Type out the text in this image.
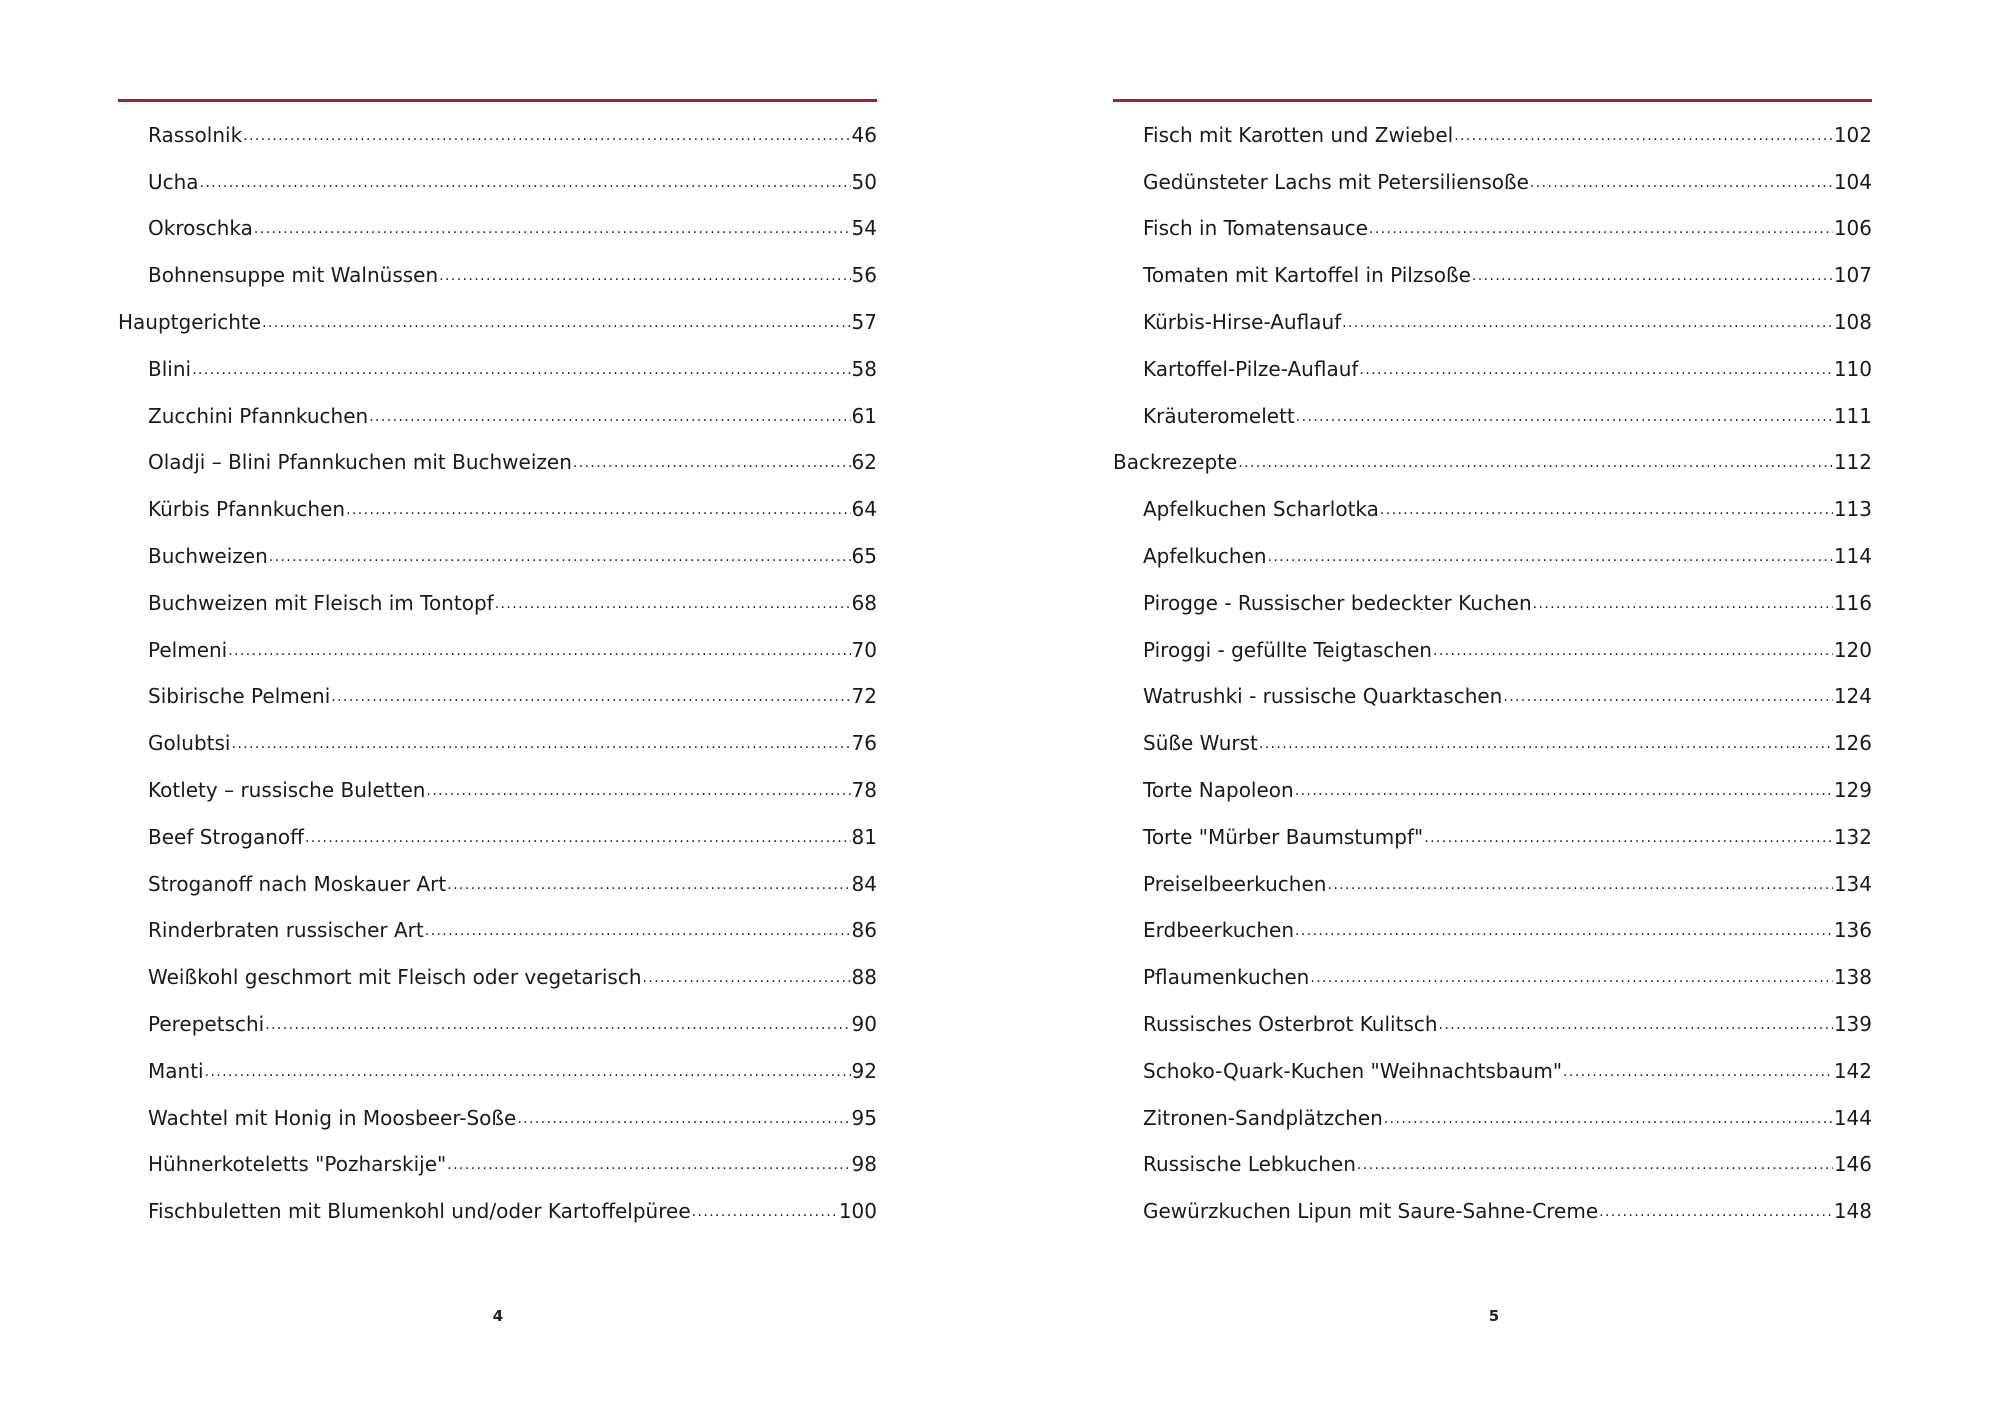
Rassolnik .....	46
Ucha .....	50
Okroschka .....	54
Bohnensuppe mit Walnüssen .....	56
Hauptgerichte .....	57
Blini .....	58
Zucchini Pfannkuchen .....	61
Oladji – Blini Pfannkuchen mit Buchweizen .....	62
Kürbis Pfannkuchen .....	64
Buchweizen .....	65
Buchweizen mit Fleisch im Tontopf .....	68
Pelmeni .....	70
Sibirische Pelmeni .....	72
Golubtsi .....	76
Kotlety – russische Buletten .....	78
Beef Stroganoff .....	81
Stroganoff nach Moskauer Art .....	84
Rinderbraten russischer Art .....	86
Weißkohl geschmort mit Fleisch oder vegetarisch .....	88
Perepetschi .....	90
Manti .....	92
Wachtel mit Honig in Moosbeer-Soße .....	95
Hühnerkoteletts "Pozharskije" .....	98
Fischbuletten mit Blumenkohl und/oder Kartoffelpüree .....	100
4
Fisch mit Karotten und Zwiebel .....	102
Gedünsteter Lachs mit Petersiliensoße .....	104
Fisch in Tomatensauce .....	106
Tomaten mit Kartoffel in Pilzsoße .....	107
Kürbis-Hirse-Auflauf .....	108
Kartoffel-Pilze-Auflauf .....	110
Kräuteromelett .....	111
Backrezepte .....	112
Apfelkuchen Scharlotka .....	113
Apfelkuchen .....	114
Pirogge - Russischer bedeckter Kuchen .....	116
Piroggi - gefüllte Teigtaschen .....	120
Watrushki - russische Quarktaschen .....	124
Süße Wurst .....	126
Torte Napoleon .....	129
Torte "Mürber Baumstumpf" .....	132
Preiselbeerkuchen .....	134
Erdbeerkuchen .....	136
Pflaumenkuchen .....	138
Russisches Osterbrot Kulitsch .....	139
Schoko-Quark-Kuchen "Weihnachtsbaum" .....	142
Zitronen-Sandplätzchen .....	144
Russische Lebkuchen .....	146
Gewürzkuchen Lipun mit Saure-Sahne-Creme .....	148
5
